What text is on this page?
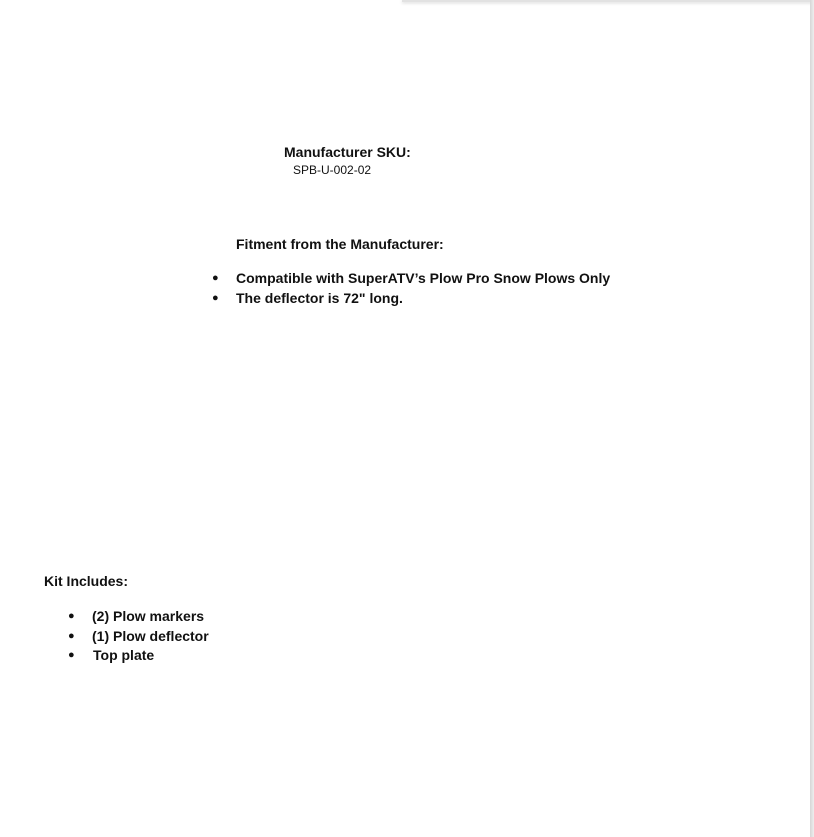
Manufacturer SKU:
SPB-U-002-02
Fitment from the Manufacturer:
● Compatible with SuperATV’s Plow Pro Snow Plows Only
● The deflector is 72" long.
Kit Includes:
● (2) Plow markers
● (1) Plow deflector
● Top plate
